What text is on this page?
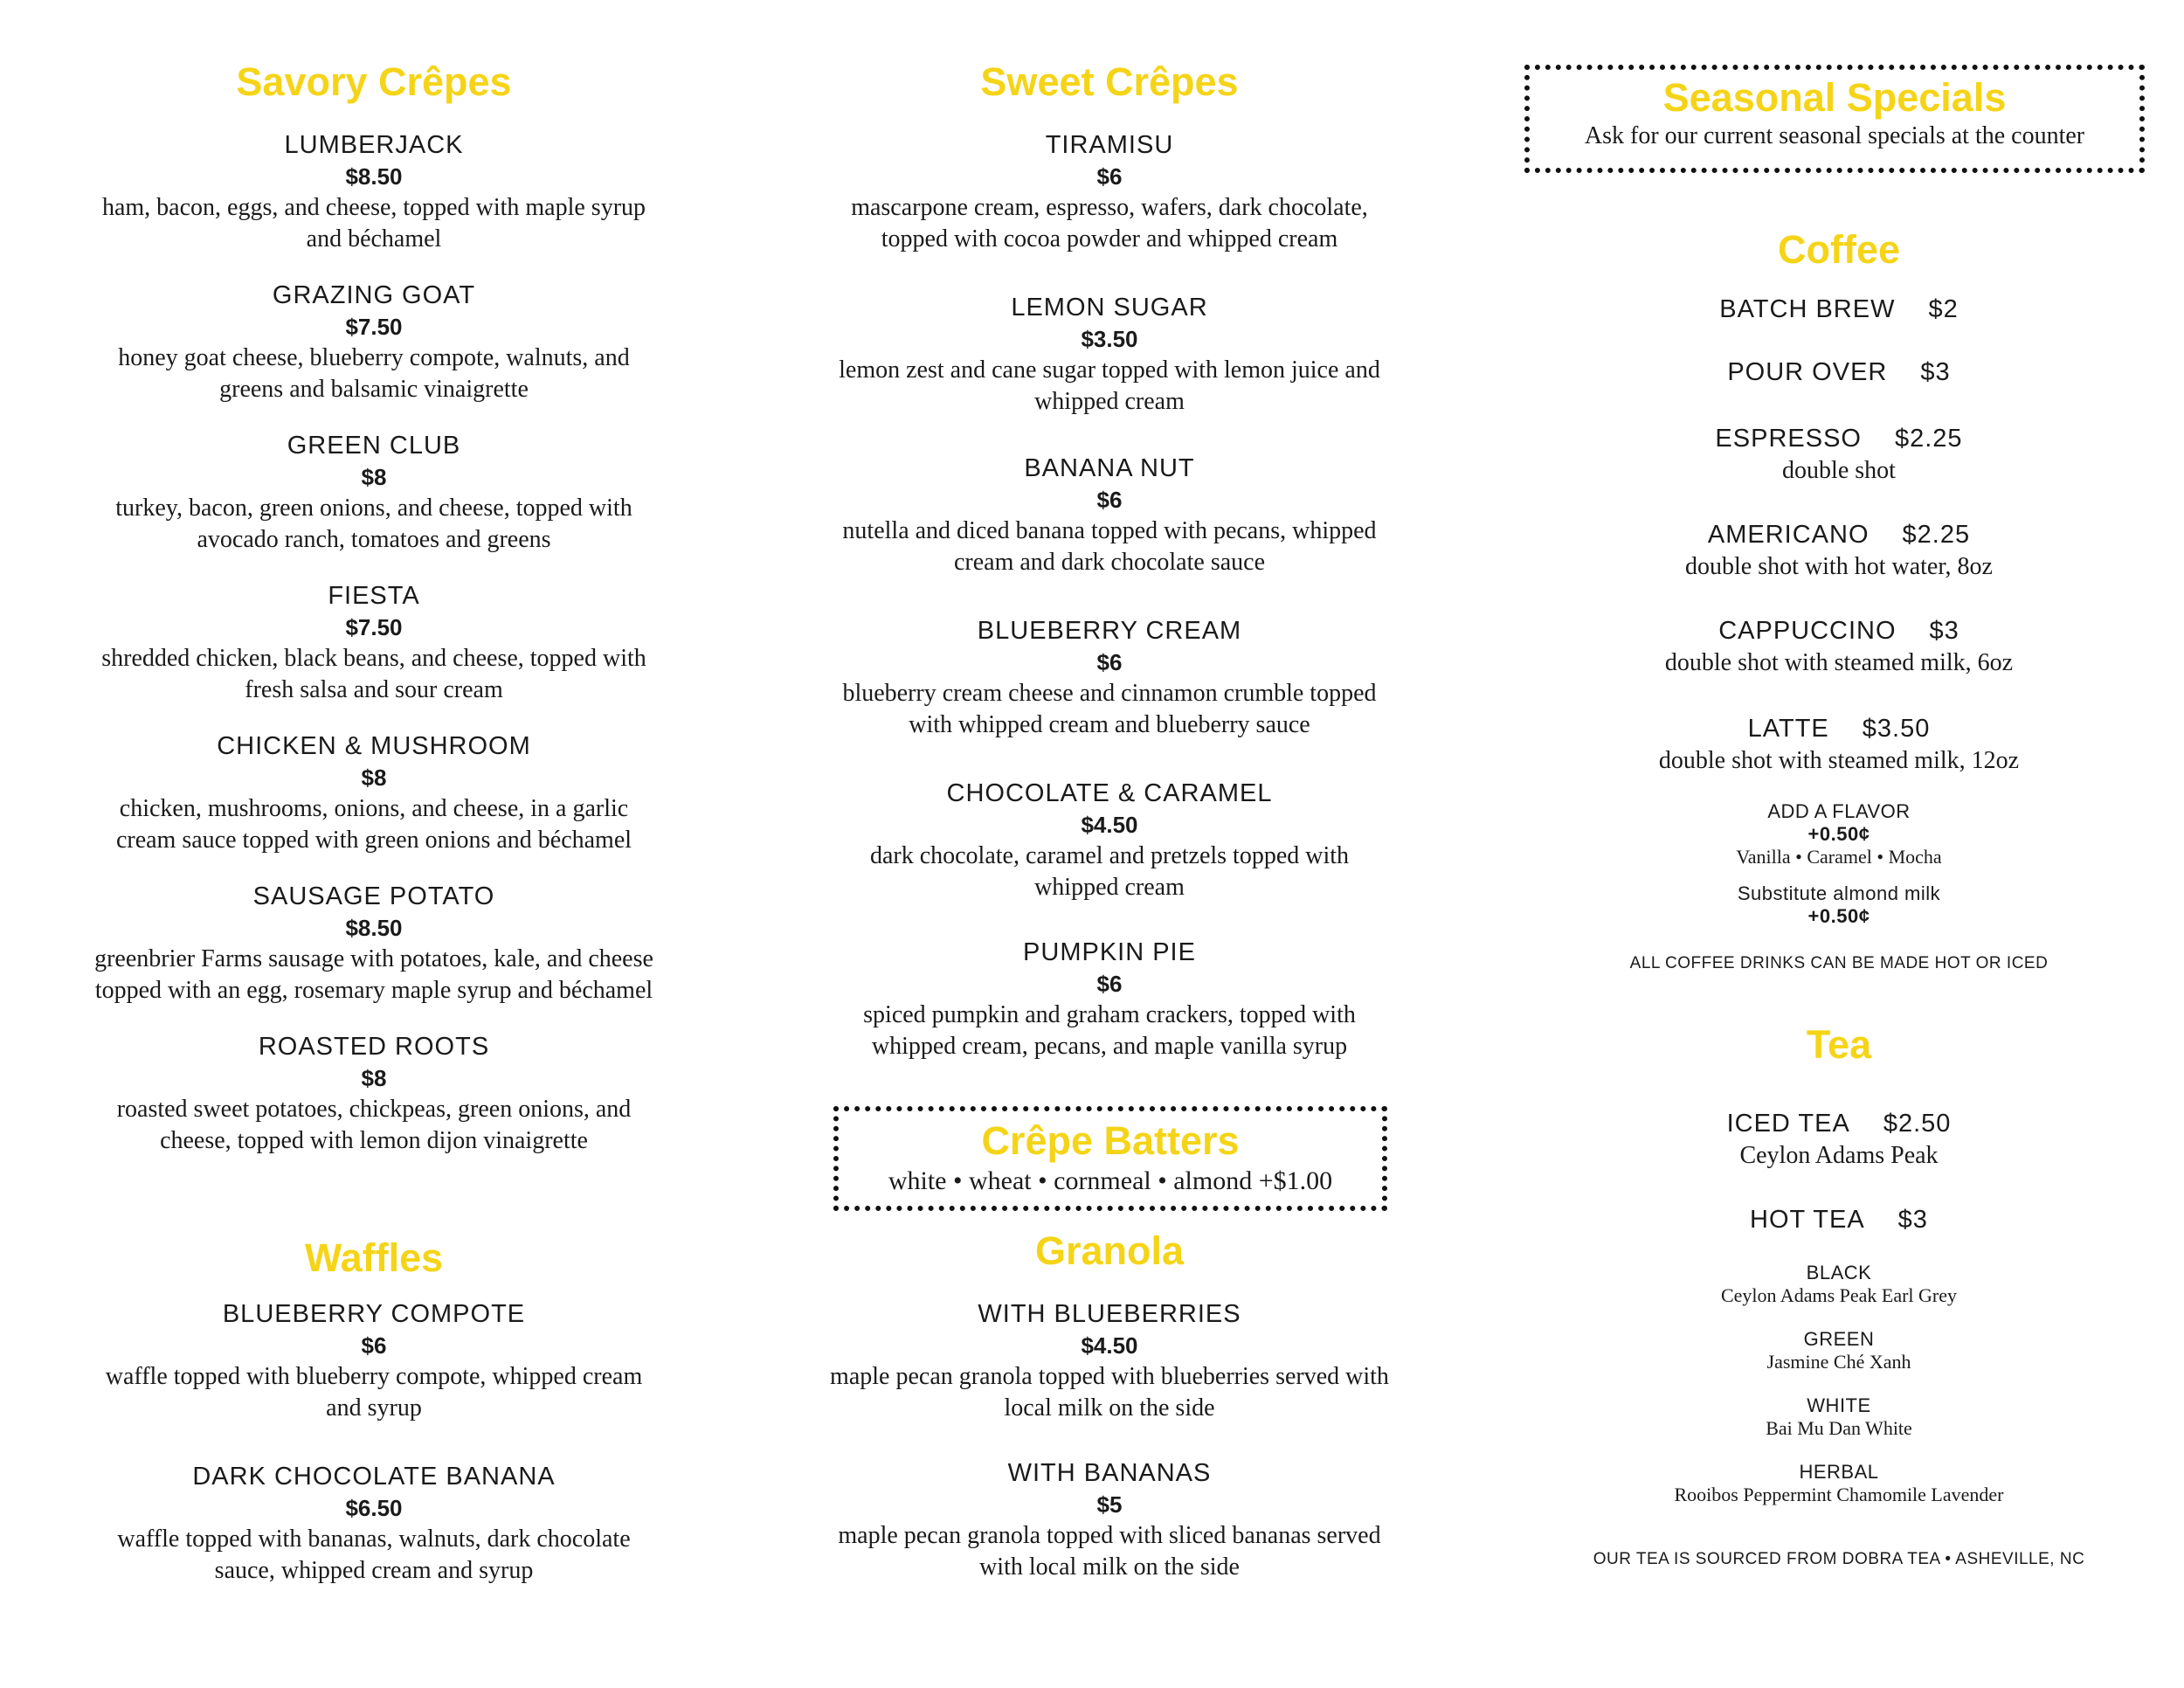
Savory Crêpes
LUMBERJACK
$8.50
ham, bacon, eggs, and cheese, topped with maple syrup
and béchamel
GRAZING GOAT
$7.50
honey goat cheese, blueberry compote, walnuts, and
greens and balsamic vinaigrette
GREEN CLUB
$8
turkey, bacon, green onions, and cheese, topped with
avocado ranch, tomatoes and greens
FIESTA
$7.50
shredded chicken, black beans, and cheese, topped with
fresh salsa and sour cream
CHICKEN & MUSHROOM
$8
chicken, mushrooms, onions, and cheese, in a garlic
cream sauce topped with green onions and béchamel
SAUSAGE POTATO
$8.50
greenbrier Farms sausage with potatoes, kale, and cheese
topped with an egg, rosemary maple syrup and béchamel
ROASTED ROOTS
$8
roasted sweet potatoes, chickpeas, green onions, and
cheese, topped with lemon dijon vinaigrette
Waffles
BLUEBERRY COMPOTE
$6
waffle topped with blueberry compote, whipped cream
and syrup
DARK CHOCOLATE BANANA
$6.50
waffle topped with bananas, walnuts, dark chocolate
sauce, whipped cream and syrup
Sweet Crêpes
TIRAMISU
$6
mascarpone cream, espresso, wafers, dark chocolate,
topped with cocoa powder and whipped cream
LEMON SUGAR
$3.50
lemon zest and cane sugar topped with lemon juice and
whipped cream
BANANA NUT
$6
nutella and diced banana topped with pecans, whipped
cream and dark chocolate sauce
BLUEBERRY CREAM
$6
blueberry cream cheese and cinnamon crumble topped
with whipped cream and blueberry sauce
CHOCOLATE & CARAMEL
$4.50
dark chocolate, caramel and pretzels topped with
whipped cream
PUMPKIN PIE
$6
spiced pumpkin and graham crackers, topped with
whipped cream, pecans, and maple vanilla syrup
Crêpe Batters
white • wheat • cornmeal • almond +$1.00
Granola
WITH BLUEBERRIES
$4.50
maple pecan granola topped with blueberries served with
local milk on the side
WITH BANANAS
$5
maple pecan granola topped with sliced bananas served
with local milk on the side
Seasonal Specials
Ask for our current seasonal specials at the counter
Coffee
BATCH BREW $2
POUR OVER $3
ESPRESSO $2.25
double shot
AMERICANO $2.25
double shot with hot water, 8oz
CAPPUCCINO $3
double shot with steamed milk, 6oz
LATTE $3.50
double shot with steamed milk, 12oz
ADD A FLAVOR
+0.50¢
Vanilla • Caramel • Mocha
Substitute almond milk
+0.50¢
ALL COFFEE DRINKS CAN BE MADE HOT OR ICED
Tea
ICED TEA $2.50
Ceylon Adams Peak
HOT TEA $3
BLACK
Ceylon Adams Peak Earl Grey
GREEN
Jasmine Ché Xanh
WHITE
Bai Mu Dan White
HERBAL
Rooibos Peppermint Chamomile Lavender
OUR TEA IS SOURCED FROM DOBRA TEA • ASHEVILLE, NC
